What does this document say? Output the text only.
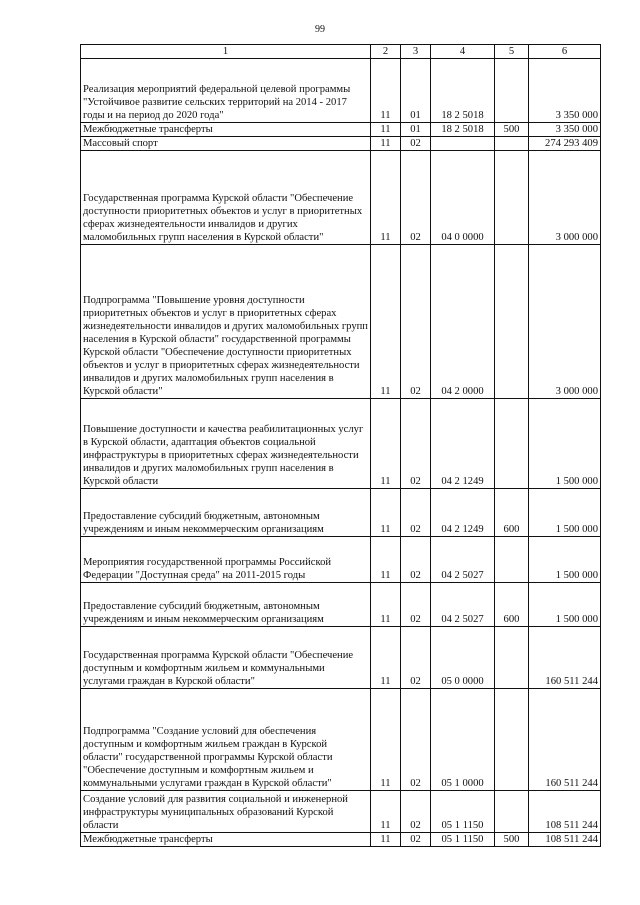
99
1	2	3	4	5	6
Реализация мероприятий федеральной целевой программы "Устойчивое развитие сельских территорий на 2014 - 2017 годы и на период до 2020 года"	11	01	18 2 5018		3 350 000
Межбюджетные трансферты	11	01	18 2 5018	500	3 350 000
Массовый спорт	11	02			274 293 409
Государственная программа Курской области "Обеспечение доступности приоритетных объектов и услуг в приоритетных сферах жизнедеятельности инвалидов и других маломобильных групп населения в Курской области"	11	02	04 0 0000		3 000 000
Подпрограмма "Повышение уровня доступности приоритетных объектов и услуг в приоритетных сферах жизнедеятельности инвалидов и других маломобильных групп населения в Курской области" государственной программы Курской области "Обеспечение доступности приоритетных объектов и услуг в приоритетных сферах жизнедеятельности инвалидов и других маломобильных групп населения в Курской области"	11	02	04 2 0000		3 000 000
Повышение доступности и качества реабилитационных услуг в Курской области, адаптация объектов социальной инфраструктуры в приоритетных сферах жизнедеятельности инвалидов и других маломобильных групп населения в Курской области	11	02	04 2 1249		1 500 000
Предоставление субсидий бюджетным, автономным учреждениям и иным некоммерческим организациям	11	02	04 2 1249	600	1 500 000
Мероприятия государственной программы Российской Федерации "Доступная среда" на 2011-2015 годы	11	02	04 2 5027		1 500 000
Предоставление субсидий бюджетным, автономным учреждениям и иным некоммерческим организациям	11	02	04 2 5027	600	1 500 000
Государственная программа Курской области "Обеспечение доступным и комфортным жильем и коммунальными услугами граждан в Курской области"	11	02	05 0 0000		160 511 244
Подпрограмма "Создание условий для обеспечения доступным и комфортным жильем граждан в Курской области" государственной программы Курской области "Обеспечение доступным и комфортным жильем и коммунальными услугами граждан в Курской области"	11	02	05 1 0000		160 511 244
Создание условий для развития социальной и инженерной инфраструктуры муниципальных образований Курской области	11	02	05 1 1150		108 511 244
Межбюджетные трансферты	11	02	05 1 1150	500	108 511 244
